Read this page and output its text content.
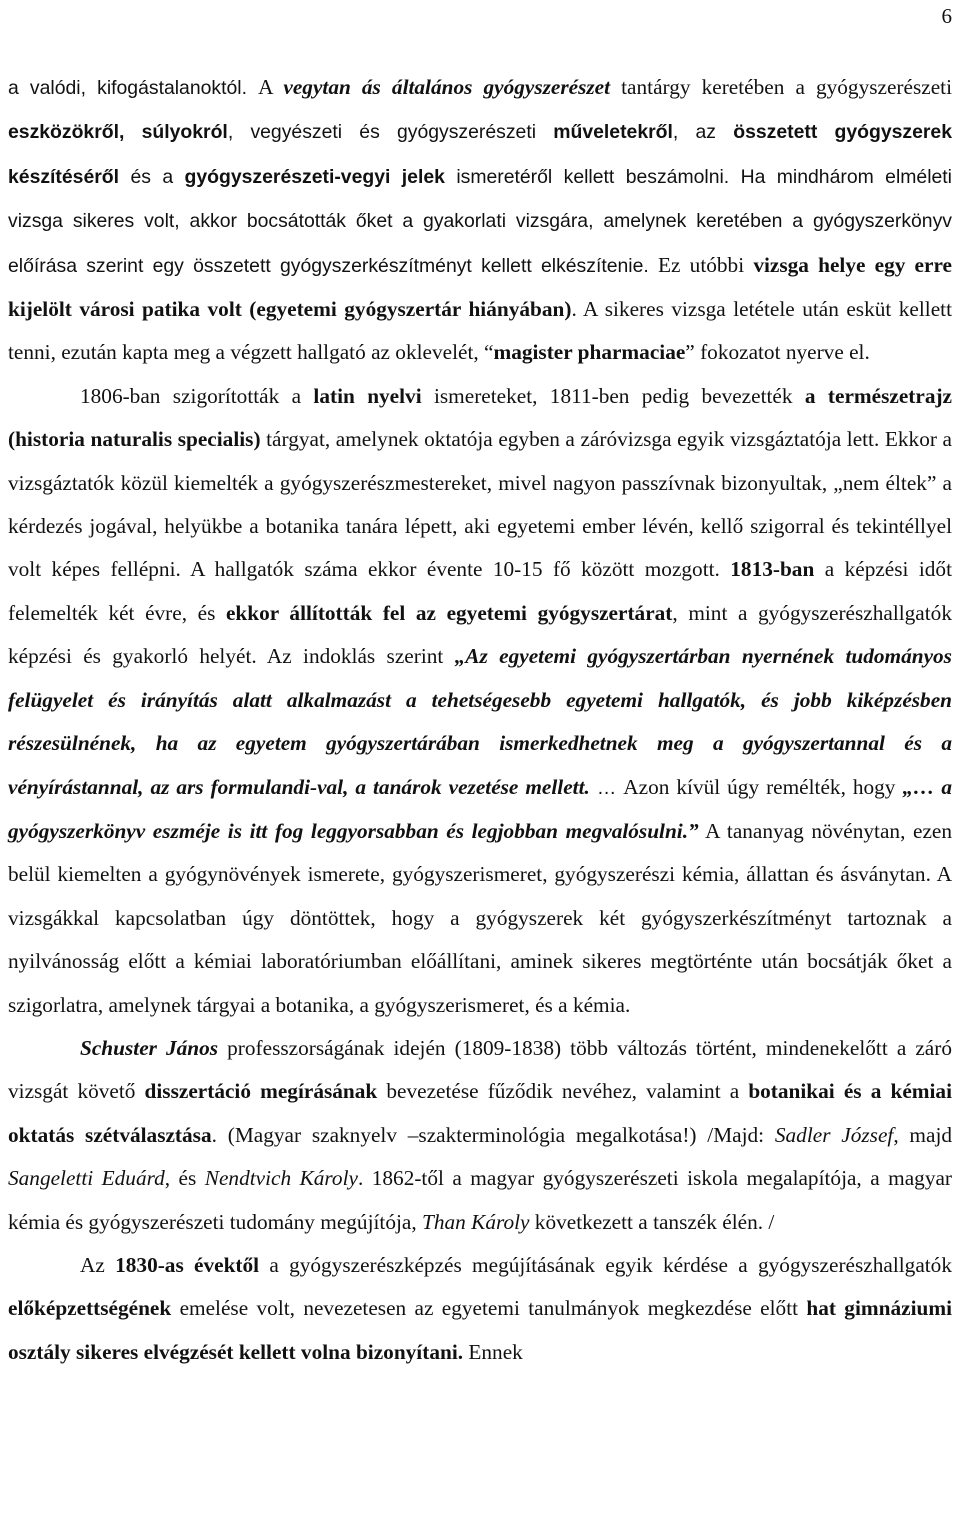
6

a valódi, kifogástalanoktól. A vegytan ás általános gyógyszerészet tantárgy keretében a gyógyszerészeti eszközökről, súlyokról, vegyészeti és gyógyszerészeti műveletekről, az összetett gyógyszerek készítéséről és a gyógyszerészeti-vegyi jelek ismeretéről kellett beszámolni. Ha mindhárom elméleti vizsga sikeres volt, akkor bocsátották őket a gyakorlati vizsgára, amelynek keretében a gyógyszerkönyv előírása szerint egy összetett gyógyszerkészítményt kellett elkészítenie. Ez utóbbi vizsga helye egy erre kijelölt városi patika volt (egyetemi gyógyszertár hiányában). A sikeres vizsga letétele után esküt kellett tenni, ezután kapta meg a végzett hallgató az oklevelét, “magister pharmaciae” fokozatot nyerve el.

1806-ban szigorították a latin nyelvi ismereteket, 1811-ben pedig bevezették a természetrajz (historia naturalis specialis) tárgyat, amelynek oktatója egyben a záróvizsga egyik vizsgáztatója lett. Ekkor a vizsgáztatók közül kiemelték a gyógyszerészmestereket, mivel nagyon passzívnak bizonyultak, „nem éltek” a kérdezés jogával, helyükbe a botanika tanára lépett, aki egyetemi ember lévén, kellő szigorral és tekintéllyel volt képes fellépni. A hallgatók száma ekkor évente 10-15 fő között mozgott. 1813-ban a képzési időt felemelték két évre, és ekkor állították fel az egyetemi gyógyszertárat, mint a gyógyszerészhallgatók képzési és gyakorló helyét. Az indoklás szerint „Az egyetemi gyógyszertárban nyernének tudományos felügyelet és irányítás alatt alkalmazást a tehetségesebb egyetemi hallgatók, és jobb kiképzésben részesülnének, ha az egyetem gyógyszertárában ismerkedhetnek meg a gyógyszertannal és a vényírástannal, az ars formulandi-val, a tanárok vezetése mellett. … Azon kívül úgy remélték, hogy „… a gyógyszerkönyv eszméje is itt fog leggyorsabban és legjobban megvalósulni.” A tananyag növénytan, ezen belül kiemelten a gyógynövények ismerete, gyógyszerismeret, gyógyszerészi kémia, állattan és ásványtan. A vizsgákkal kapcsolatban úgy döntöttek, hogy a gyógyszerek két gyógyszerkészítményt tartoznak a nyilvánosság előtt a kémiai laboratóriumban előállítani, aminek sikeres megtörténte után bocsátják őket a szigorlatra, amelynek tárgyai a botanika, a gyógyszerismeret, és a kémia.

Schuster János professzorságának idején (1809-1838) több változás történt, mindenekelőtt a záró vizsgát követő disszertáció megírásának bevezetése fűződik nevéhez, valamint a botanikai és a kémiai oktatás szétválasztása. (Magyar szaknyelv –szakterminológia megalkotása!) /Majd: Sadler József, majd Sangeletti Eduárd, és Nendtvich Károly. 1862-től a magyar gyógyszerészeti iskola megalapítója, a magyar kémia és gyógyszerészeti tudomány megújítója, Than Károly következett a tanszék élén. /

Az 1830-as évektől a gyógyszerészképzés megújításának egyik kérdése a gyógyszerészhallgatók előképzettségének emelése volt, nevezetesen az egyetemi tanulmányok megkezdése előtt hat gimnáziumi osztály sikeres elvégzését kellett volna bizonyítani. Ennek
